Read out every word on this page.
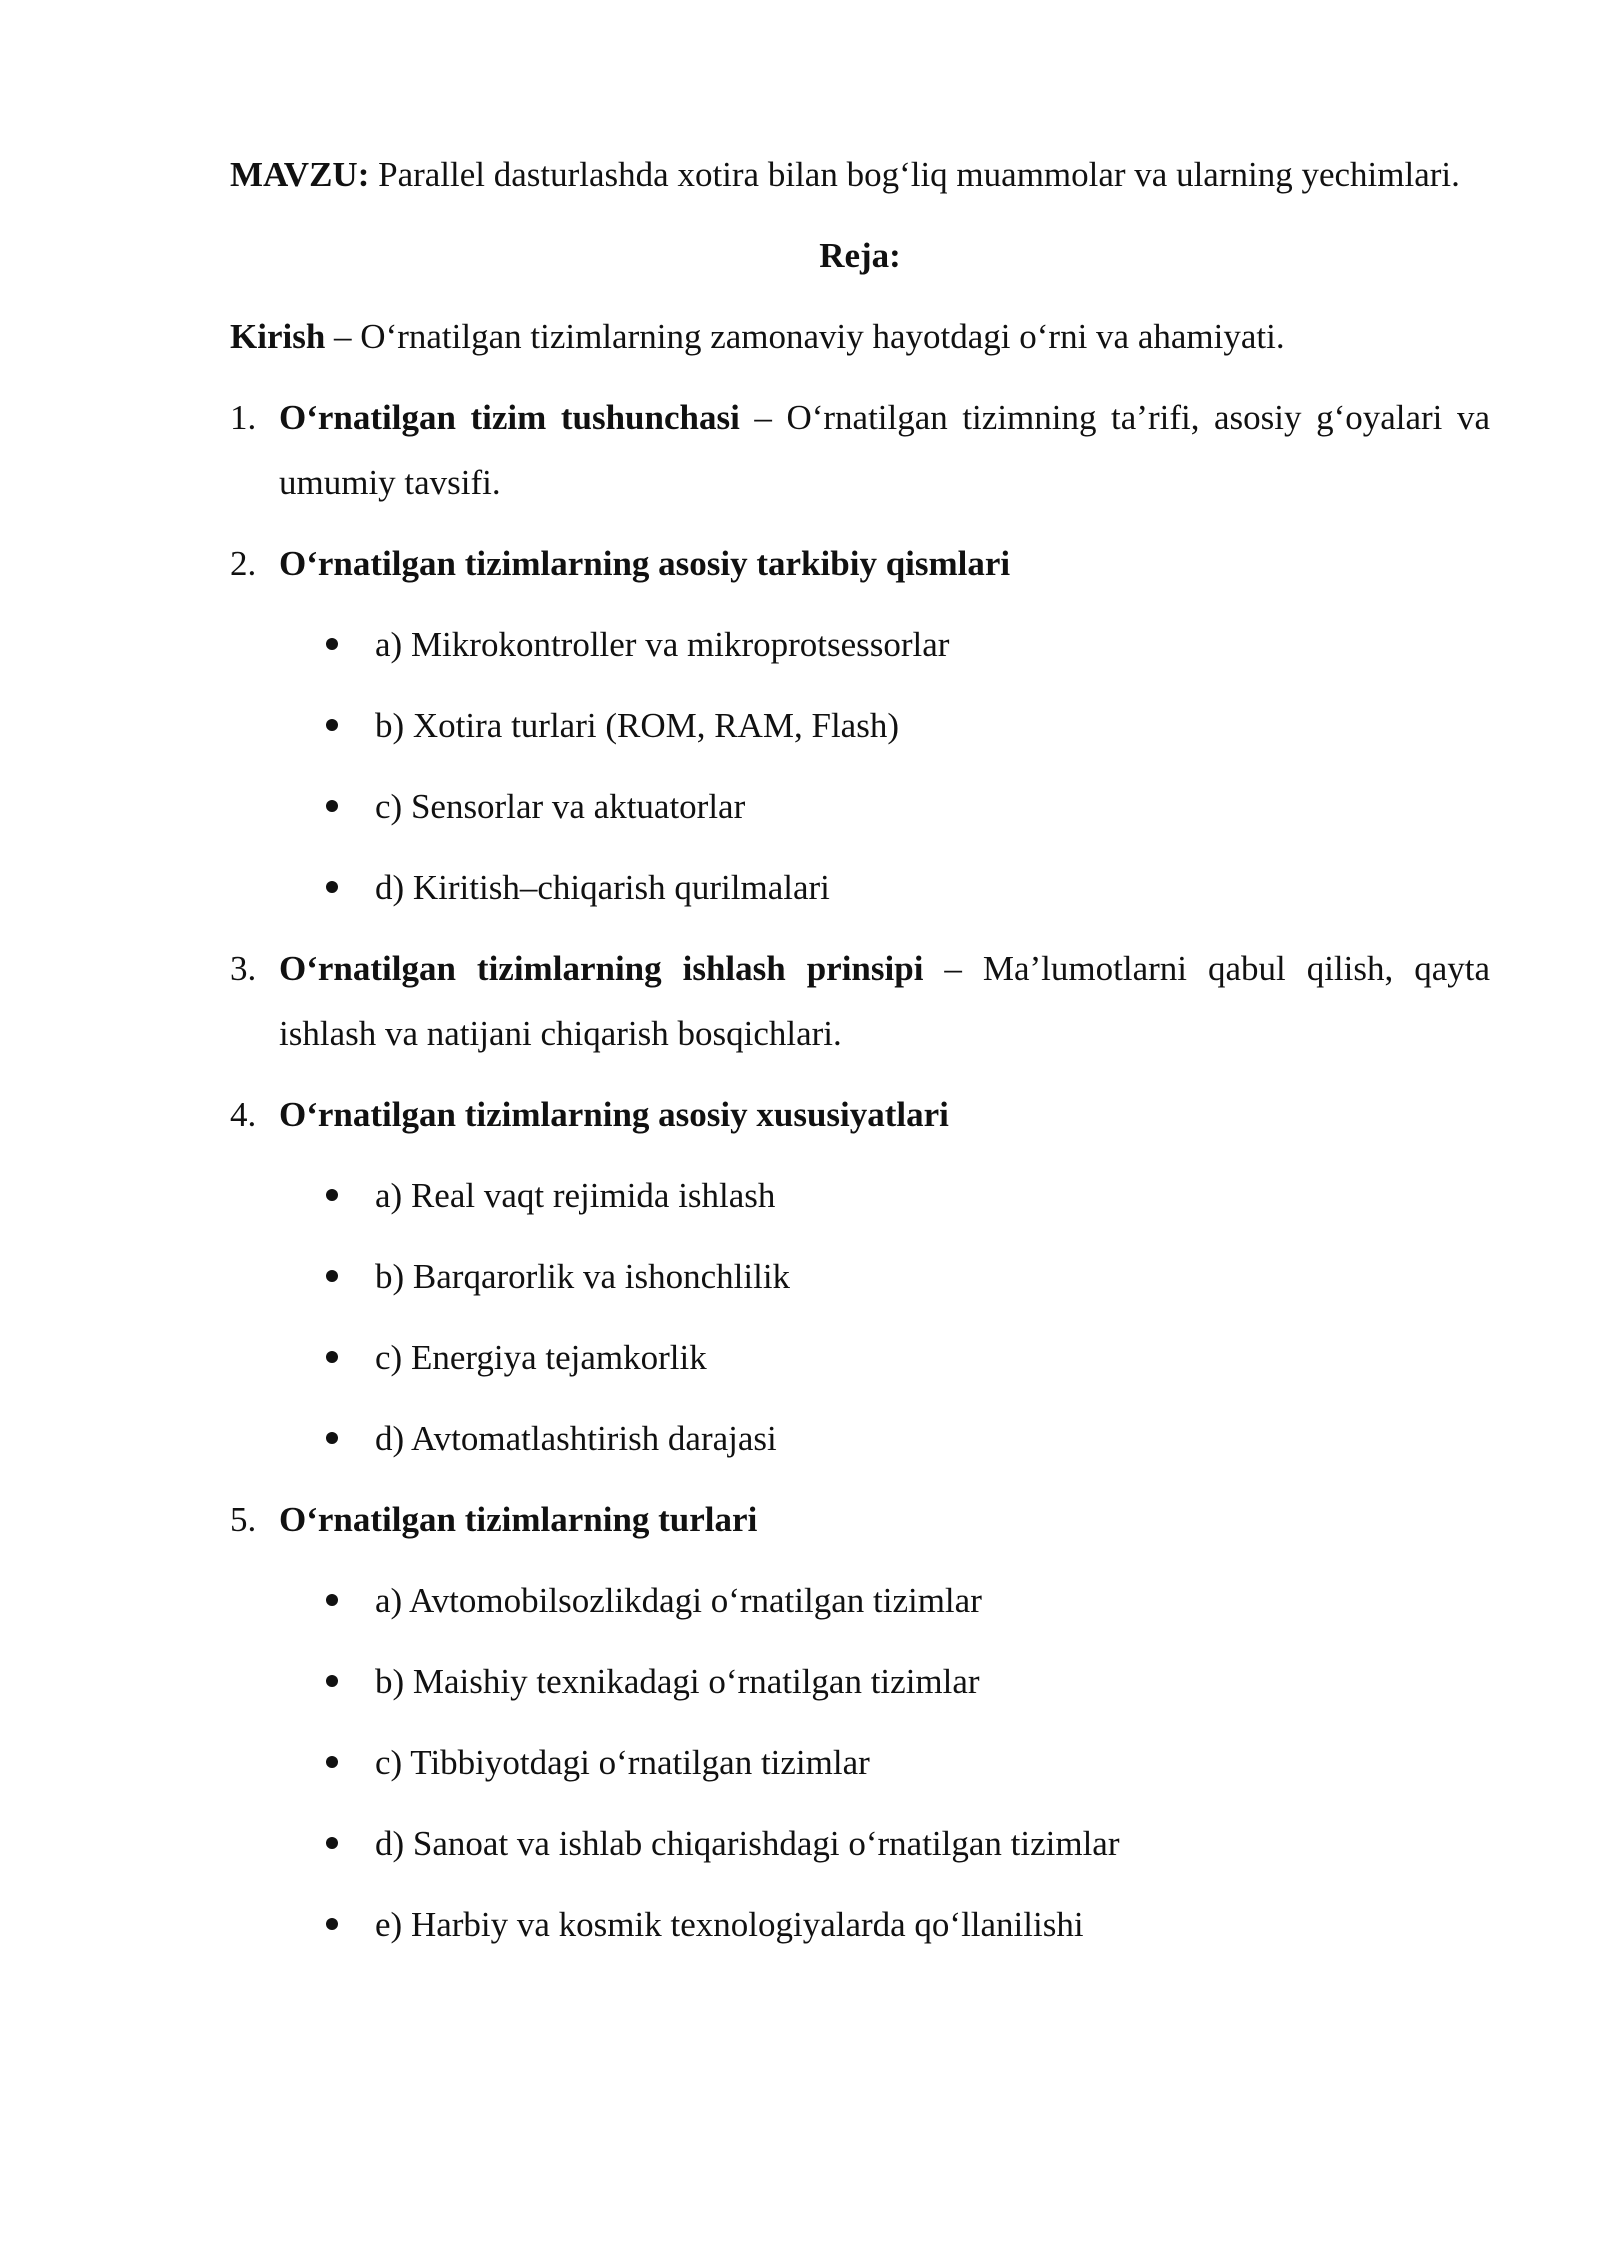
MAVZU: Parallel dasturlashda xotira bilan bog‘liq muammolar va ularning yechimlari.

Reja:

Kirish – O‘rnatilgan tizimlarning zamonaviy hayotdagi o‘rni va ahamiyati.

1. O‘rnatilgan tizim tushunchasi – O‘rnatilgan tizimning ta’rifi, asosiy g‘oyalari va umumiy tavsifi.
2. O‘rnatilgan tizimlarning asosiy tarkibiy qismlari
a) Mikrokontroller va mikroprotsessorlar
b) Xotira turlari (ROM, RAM, Flash)
c) Sensorlar va aktuatorlar
d) Kiritish–chiqarish qurilmalari
3. O‘rnatilgan tizimlarning ishlash prinsipi – Ma’lumotlarni qabul qilish, qayta ishlash va natijani chiqarish bosqichlari.
4. O‘rnatilgan tizimlarning asosiy xususiyatlari
a) Real vaqt rejimida ishlash
b) Barqarorlik va ishonchlilik
c) Energiya tejamkorlik
d) Avtomatlashtirish darajasi
5. O‘rnatilgan tizimlarning turlari
a) Avtomobilsozlikdagi o‘rnatilgan tizimlar
b) Maishiy texnikadagi o‘rnatilgan tizimlar
c) Tibbiyotdagi o‘rnatilgan tizimlar
d) Sanoat va ishlab chiqarishdagi o‘rnatilgan tizimlar
e) Harbiy va kosmik texnologiyalarda qo‘llanilishi
